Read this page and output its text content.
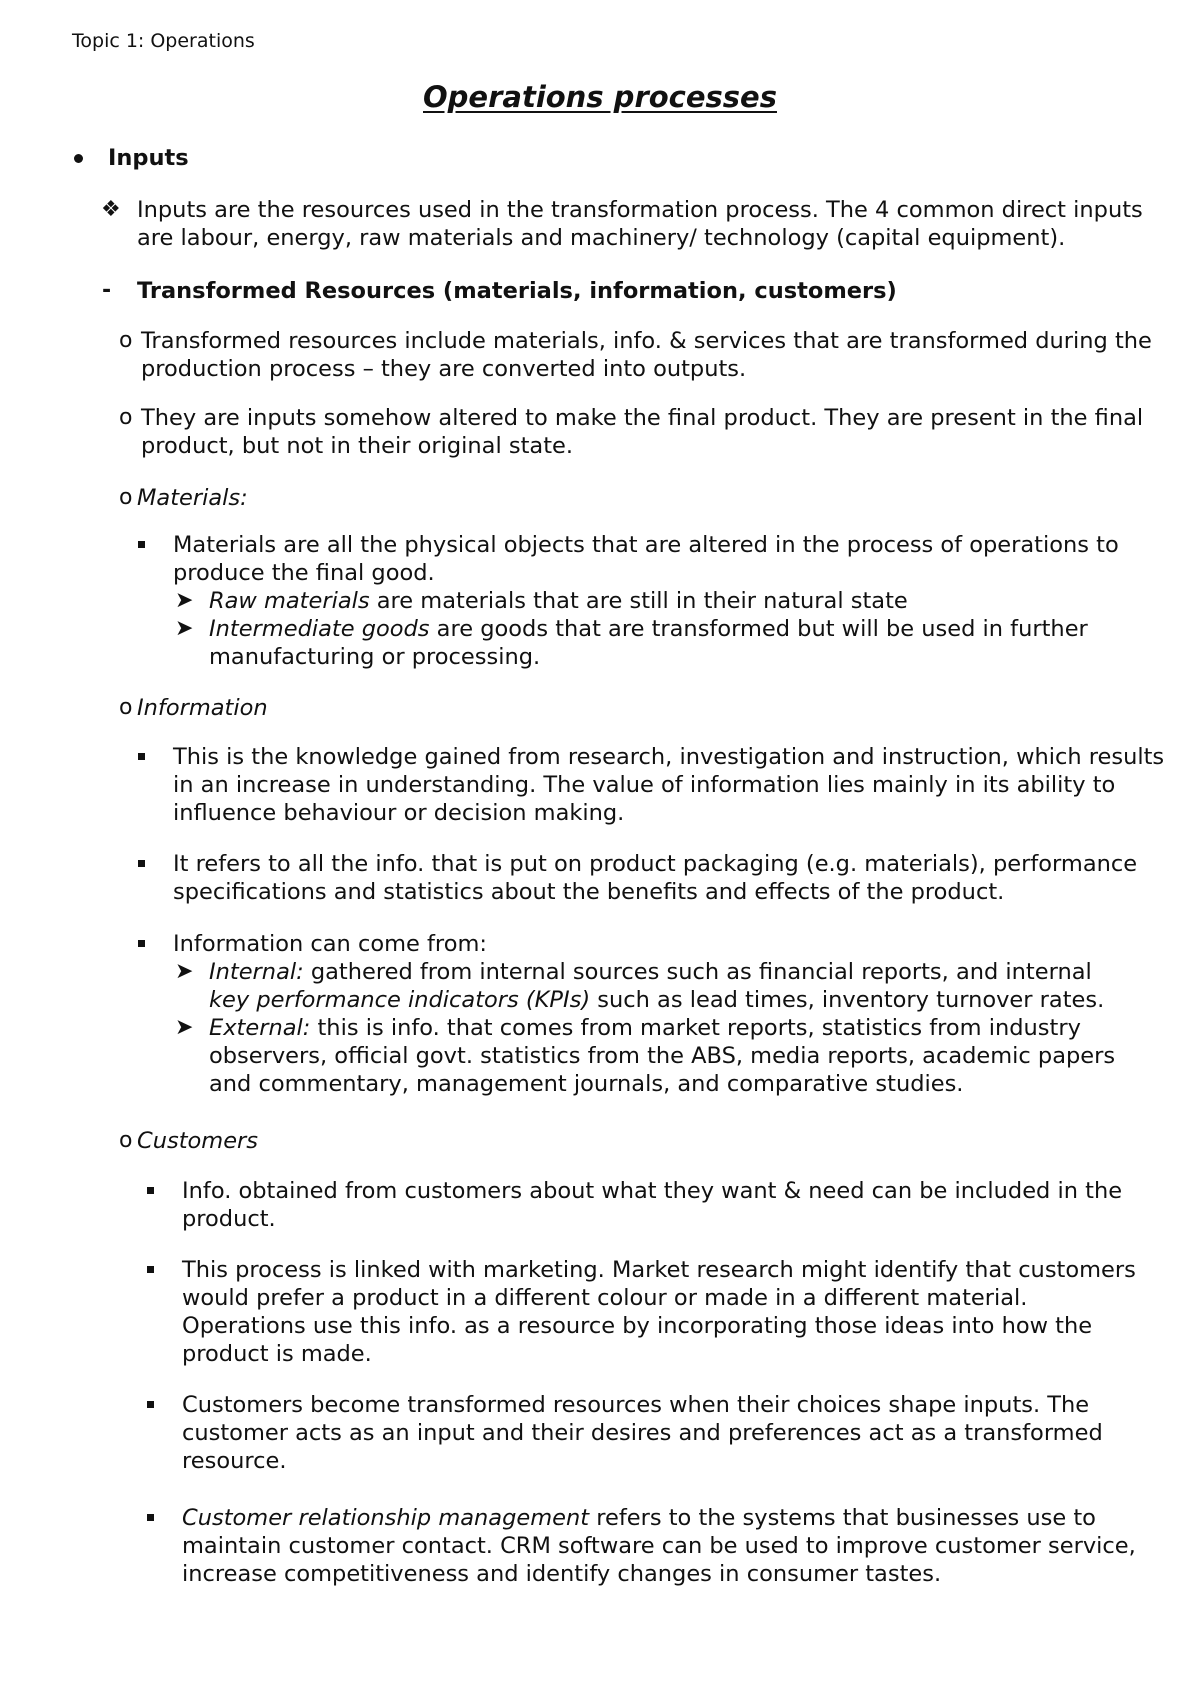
Topic 1: Operations
Operations processes
Inputs
❖ Inputs are the resources used in the transformation process. The 4 common direct inputs
are labour, energy, raw materials and machinery/ technology (capital equipment).
- Transformed Resources (materials, information, customers)
o Transformed resources include materials, info. & services that are transformed during the
production process – they are converted into outputs.
o They are inputs somehow altered to make the final product. They are present in the final
product, but not in their original state.
o Materials:
Materials are all the physical objects that are altered in the process of operations to
produce the final good.
➤ Raw materials are materials that are still in their natural state
➤ Intermediate goods are goods that are transformed but will be used in further
manufacturing or processing.
o Information
This is the knowledge gained from research, investigation and instruction, which results
in an increase in understanding. The value of information lies mainly in its ability to
influence behaviour or decision making.
It refers to all the info. that is put on product packaging (e.g. materials), performance
specifications and statistics about the benefits and effects of the product.
Information can come from:
➤ Internal: gathered from internal sources such as financial reports, and internal
key performance indicators (KPIs) such as lead times, inventory turnover rates.
➤ External: this is info. that comes from market reports, statistics from industry
observers, official govt. statistics from the ABS, media reports, academic papers
and commentary, management journals, and comparative studies.
o Customers
Info. obtained from customers about what they want & need can be included in the
product.
This process is linked with marketing. Market research might identify that customers
would prefer a product in a different colour or made in a different material.
Operations use this info. as a resource by incorporating those ideas into how the
product is made.
Customers become transformed resources when their choices shape inputs. The
customer acts as an input and their desires and preferences act as a transformed
resource.
Customer relationship management refers to the systems that businesses use to
maintain customer contact. CRM software can be used to improve customer service,
increase competitiveness and identify changes in consumer tastes.
